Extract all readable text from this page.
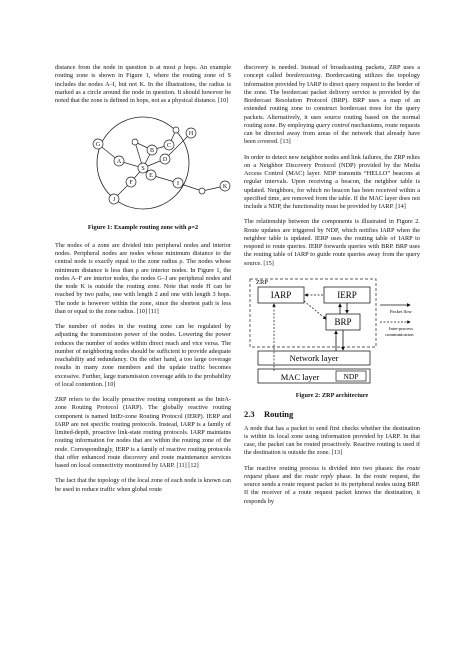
distance from the node in question is at most ρ hops. An example routing zone is shown in Figure 1, where the routing zone of S includes the nodes A–I, but not K. In the illustrations, the radius is marked as a circle around the node in question. It should however be noted that the zone is defined in hops, not as a physical distance. [10]

S
A
B
C
D
E
F
G
H
I
J
K
Figure 1: Example routing zone with ρ=2

The nodes of a zone are divided into peripheral nodes and interior nodes. Peripheral nodes are nodes whose minimum distance to the central node is exactly equal to the zone radius ρ. The nodes whose minimum distance is less than ρ are interior nodes. In Figure 1, the nodes A–F are interior nodes, the nodes G–J are peripheral nodes and the node K is outside the routing zone. Note that node H can be reached by two paths, one with length 2 and one with length 3 hops. The node is however within the zone, since the shortest path is less than or equal to the zone radius. [10] [11]

The number of nodes in the routing zone can be regulated by adjusting the transmission power of the nodes. Lowering the power reduces the number of nodes within direct reach and vice versa. The number of neighboring nodes should be sufficient to provide adequate reachability and redundancy. On the other hand, a too large coverage results in many zone members and the update traffic becomes excessive. Further, large transmission coverage adds to the probability of local contention. [10]

ZRP refers to the locally proactive routing component as the IntrA-zone Routing Protocol (IARP). The globally reactive routing component is named IntEr-zone Routing Protocol (IERP). IERP and IARP are not specific routing protocols. Instead, IARP is a family of limited-depth, proactive link-state routing protocols. IARP maintains routing information for nodes that are within the routing zone of the node. Correspondingly, IERP is a family of reactive routing protocols that offer enhanced route discovery and route maintenance services based on local connectivity monitored by IARP. [11] [12]

The fact that the topology of the local zone of each node is known can be used to reduce traffic when global route

discovery is needed. Instead of broadcasting packets, ZRP uses a concept called bordercasting. Bordercasting utilizes the topology information provided by IARP to direct query request to the border of the zone. The bordercast packet delivery service is provided by the Bordercast Resolution Protocol (BRP). BRP uses a map of an extended routing zone to construct bordercast trees for the query packets. Alternatively, it uses source routing based on the normal routing zone. By employing query control mechanisms, route requests can be directed away from areas of the network that already have been covered. [13]

In order to detect new neighbor nodes and link failures, the ZRP relies on a Neighbor Discovery Protocol (NDP) provided by the Media Access Control (MAC) layer. NDP transmits “HELLO” beacons at regular intervals. Upon receiving a beacon, the neighbor table is updated. Neighbors, for which no beacon has been received within a specified time, are removed from the table. If the MAC layer does not include a NDP, the functionality must be provided by IARP. [14]

The relationship between the components is illustrated in Figure 2. Route updates are triggered by NDP, which notifies IARP when the neighbor table is updated. IERP uses the routing table of IARP to respond to route queries. IERP forwards queries with BRP. BRP uses the routing table of IARP to guide route queries away from the query source. [15]

ZRP
IARP	IERP
BRP
Network layer
MAC layer	NDP
Packet flow
Inter-process
communication
Figure 2: ZRP architecture
2.3 Routing

A node that has a packet to send first checks whether the destination is within its local zone using information provided by IARP. In that case, the packet can be routed proactively. Reactive routing is used if the destination is outside the zone. [13]

The reactive routing process is divided into two phases: the route request phase and the route reply phase. In the route request, the source sends a route request packet to its peripheral nodes using BRP. If the receiver of a route request packet knows the destination, it responds by
